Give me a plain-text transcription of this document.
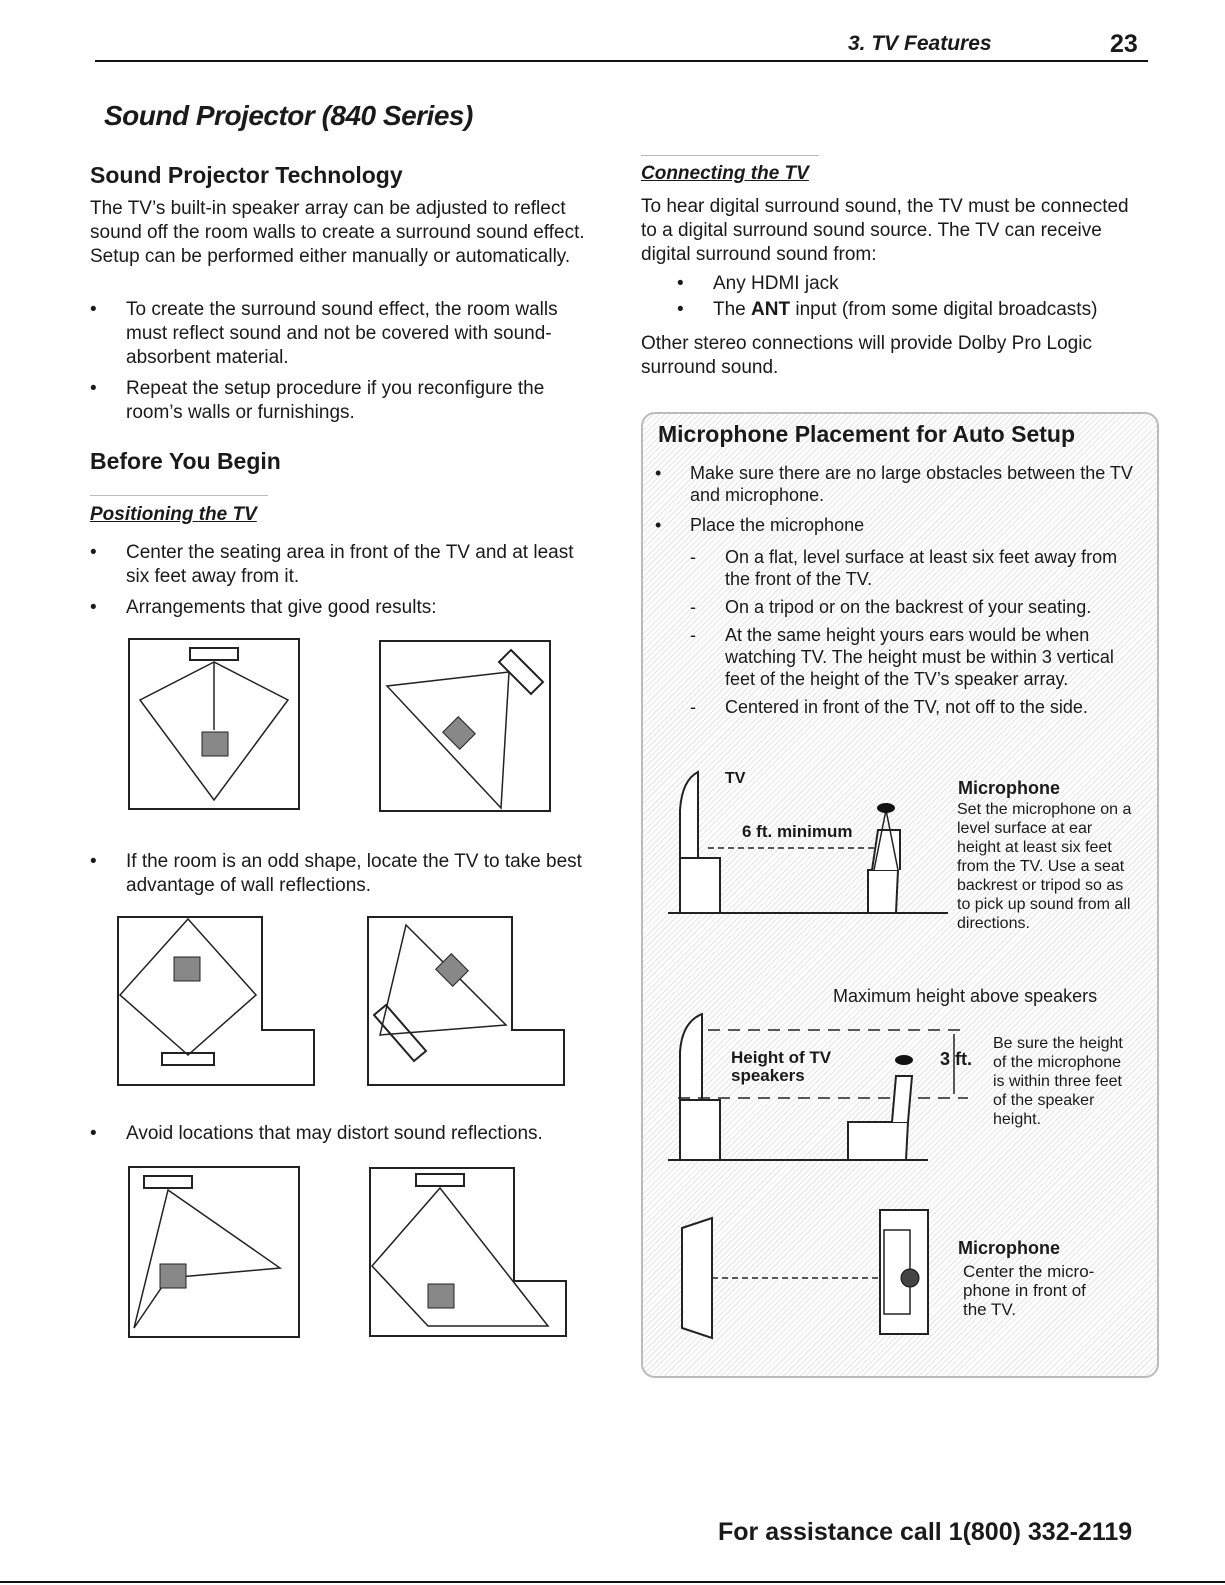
3. TV Features	23
Sound Projector (840 Series)
Sound Projector Technology
The TV’s built-in speaker array can be adjusted to reflect sound off the room walls to create a surround sound effect. Setup can be performed either manually or automatically.
• To create the surround sound effect, the room walls must reflect sound and not be covered with sound-absorbent material.
• Repeat the setup procedure if you reconfigure the room’s walls or furnishings.
Before You Begin
Positioning the TV
• Center the seating area in front of the TV and at least six feet away from it.
• Arrangements that give good results:
• If the room is an odd shape, locate the TV to take best advantage of wall reflections.
• Avoid locations that may distort sound reflections.
Connecting the TV
To hear digital surround sound, the TV must be connected to a digital surround sound source. The TV can receive digital surround sound from:
• Any HDMI jack
• The ANT input (from some digital broadcasts)
Other stereo connections will provide Dolby Pro Logic surround sound.
Microphone Placement for Auto Setup
•	Make sure there are no large obstacles between the TV and microphone.
•	Place the microphone
- On a flat, level surface at least six feet away from the front of the TV.
- On a tripod or on the backrest of your seating.
- At the same height yours ears would be when watching TV. The height must be within 3 vertical feet of the height of the TV’s speaker array.
- Centered in front of the TV, not off to the side.
TV
6 ft. minimum
Microphone
Set the microphone on a level surface at ear height at least six feet from the TV. Use a seat backrest or tripod so as to pick up sound from all directions.
Maximum height above speakers
Height of TV
speakers
3 ft.
Be sure the height of the microphone is within three feet of the speaker height.
Microphone
Center the micro-phone in front of the TV.
For assistance call 1(800) 332-2119
